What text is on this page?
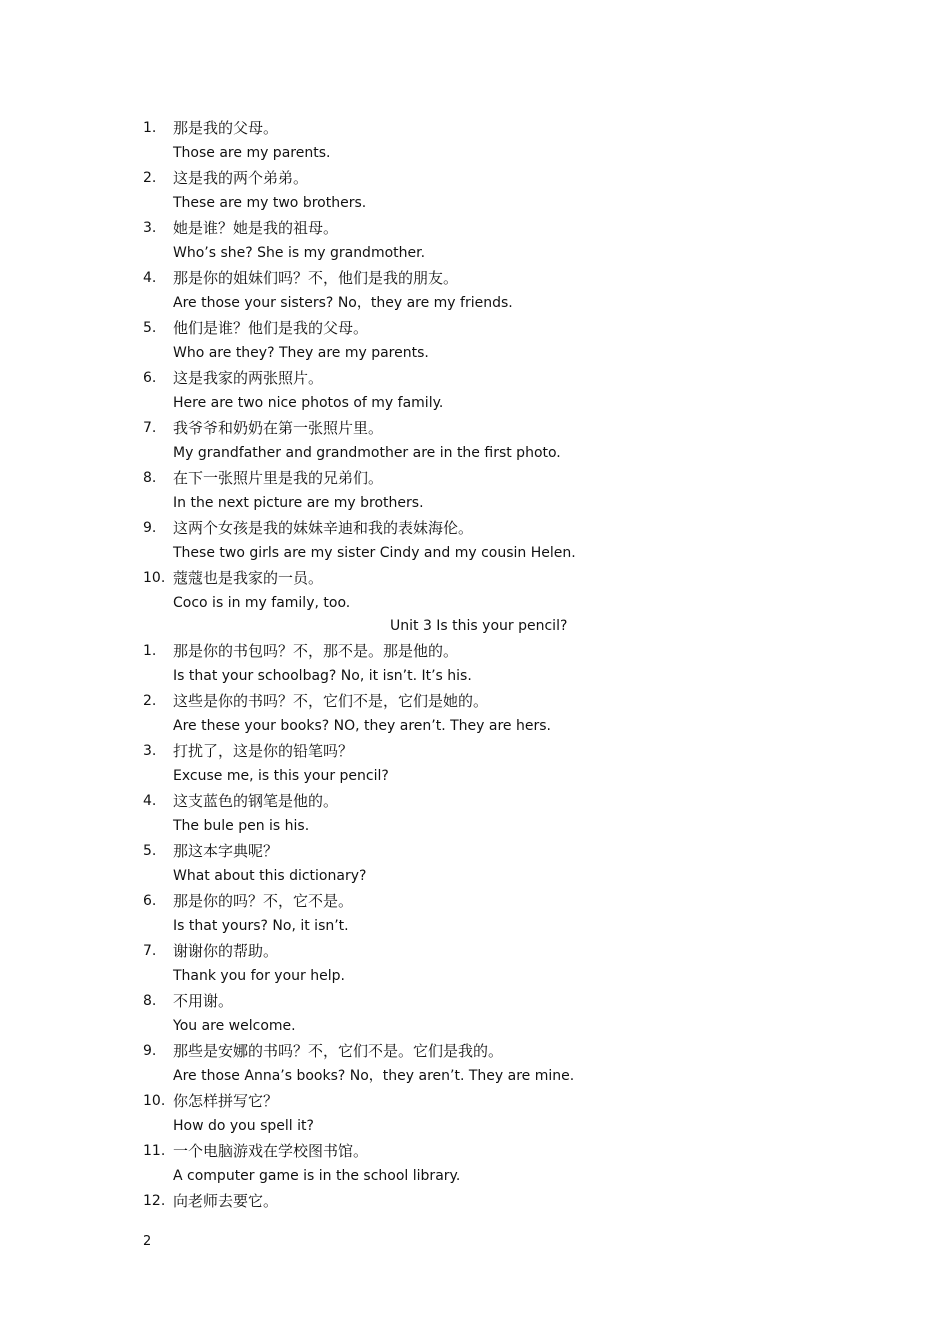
1.	那是我的父母。
Those are my parents.
2.	这是我的两个弟弟。
These are my two brothers.
3.	她是谁？她是我的祖母。
Who’s she? She is my grandmother.
4.	那是你的姐妹们吗？不，他们是我的朋友。
Are those your sisters? No，they are my friends.
5.	他们是谁？他们是我的父母。
Who are they? They are my parents.
6.	这是我家的两张照片。
Here are two nice photos of my family.
7.	我爷爷和奶奶在第一张照片里。
My grandfather and grandmother are in the first photo.
8.	在下一张照片里是我的兄弟们。
In the next picture are my brothers.
9.	这两个女孩是我的妹妹辛迪和我的表妹海伦。
These two girls are my sister Cindy and my cousin Helen.
10. 蔻蔻也是我家的一员。
Coco is in my family, too.
Unit 3 Is this your pencil?
1.	那是你的书包吗？不，那不是。那是他的。
Is that your schoolbag? No, it isn’t. It’s his.
2.	这些是你的书吗？不，它们不是，它们是她的。
Are these your books? NO, they aren’t. They are hers.
3.	打扰了，这是你的铅笔吗？
Excuse me, is this your pencil?
4.	这支蓝色的钢笔是他的。
The bule pen is his.
5.	那这本字典呢？
What about this dictionary?
6.	那是你的吗？不，它不是。
Is that yours? No, it isn’t.
7.	谢谢你的帮助。
Thank you for your help.
8.	不用谢。
You are welcome.
9.	那些是安娜的书吗？不，它们不是。它们是我的。
Are those Anna’s books? No，they aren’t. They are mine.
10. 你怎样拼写它？
How do you spell it?
11. 一个电脑游戏在学校图书馆。
A computer game is in the school library.
12. 向老师去要它。
2
